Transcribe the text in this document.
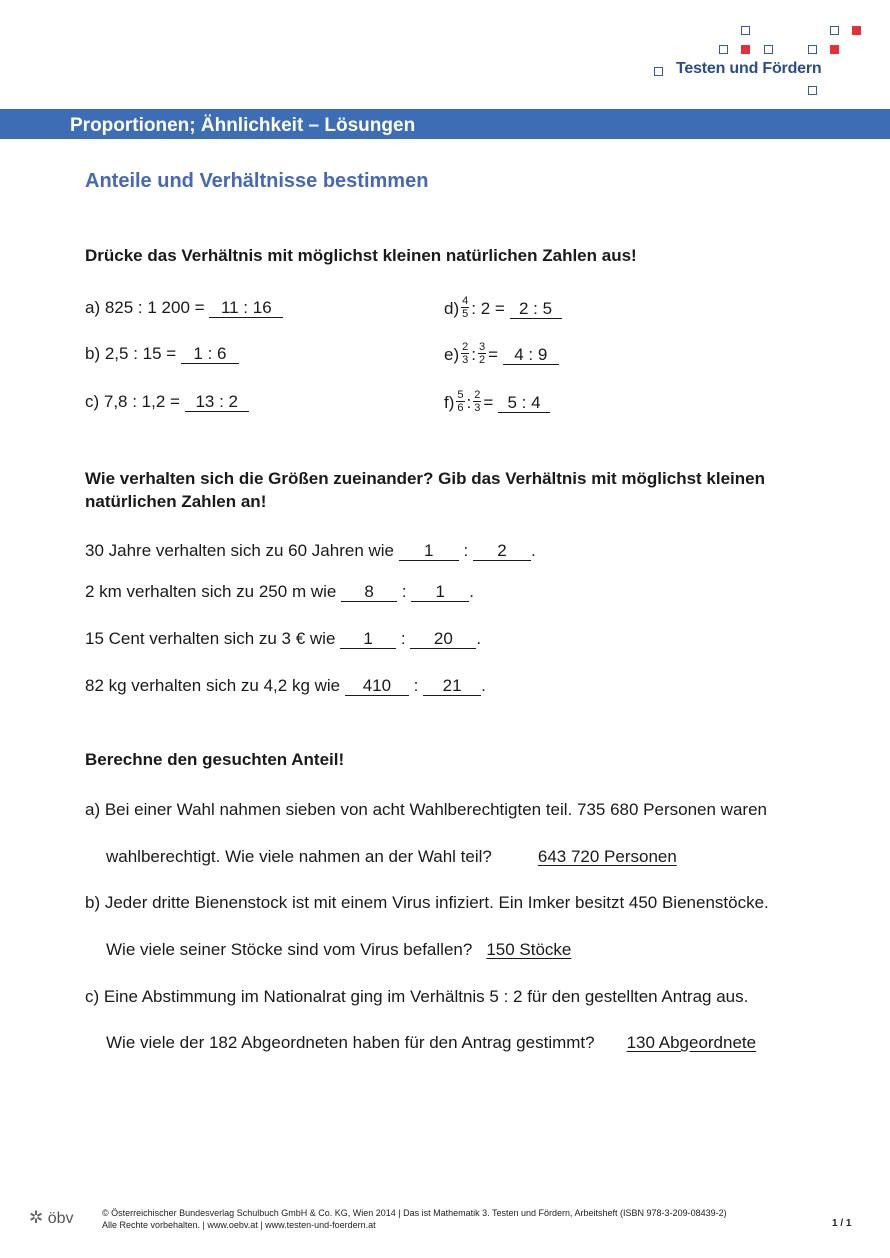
Testen und Fördern
Proportionen; Ähnlichkeit – Lösungen
Anteile und Verhältnisse bestimmen
Drücke das Verhältnis mit möglichst kleinen natürlichen Zahlen aus!
a) 825 : 1 200 = 11 : 16
b) 2,5 : 15 = 1 : 6
c) 7,8 : 1,2 = 13 : 2
$d) \frac{4}{5}$ : 2 = 2 : 5
$e) \frac{2}{3}$ : $\frac{3}{2} = 4$ : 9
$f) \frac{5}{6}$ : $\frac{2}{3} = 5$ : 4
Wie verhalten sich die Größen zueinander? Gib das Verhältnis mit möglichst kleinen natürlichen Zahlen an!
30 Jahre verhalten sich zu 60 Jahren wie 1 : 2 .
2 km verhalten sich zu 250 m wie 8 : 1 .
15 Cent verhalten sich zu 3 € wie 1 : 20 .
82 kg verhalten sich zu 4,2 kg wie 410 : 21 .
Berechne den gesuchten Anteil!
a) Bei einer Wahl nahmen sieben von acht Wahlberechtigten teil. 735 680 Personen waren
wahlberechtigt. Wie viele nahmen an der Wahl teil?	643 720 Personen
b) Jeder dritte Bienenstock ist mit einem Virus infiziert. Ein Imker besitzt 450 Bienenstöcke.
Wie viele seiner Stöcke sind vom Virus befallen? 150 Stöcke
c) Eine Abstimmung im Nationalrat ging im Verhältnis 5 : 2 für den gestellten Antrag aus.
Wie viele der 182 Abgeordneten haben für den Antrag gestimmt? 130 Abgeordnete
✲ öbv	© Österreichischer Bundesverlag Schulbuch GmbH & Co. KG, Wien 2014 | Das ist Mathematik 3. Testen und Fördern, Arbeitsheft (ISBN 978-3-209-08439-2)
Alle Rechte vorbehalten. | www.oebv.at | www.testen-und-foerdern.at	1 / 1
